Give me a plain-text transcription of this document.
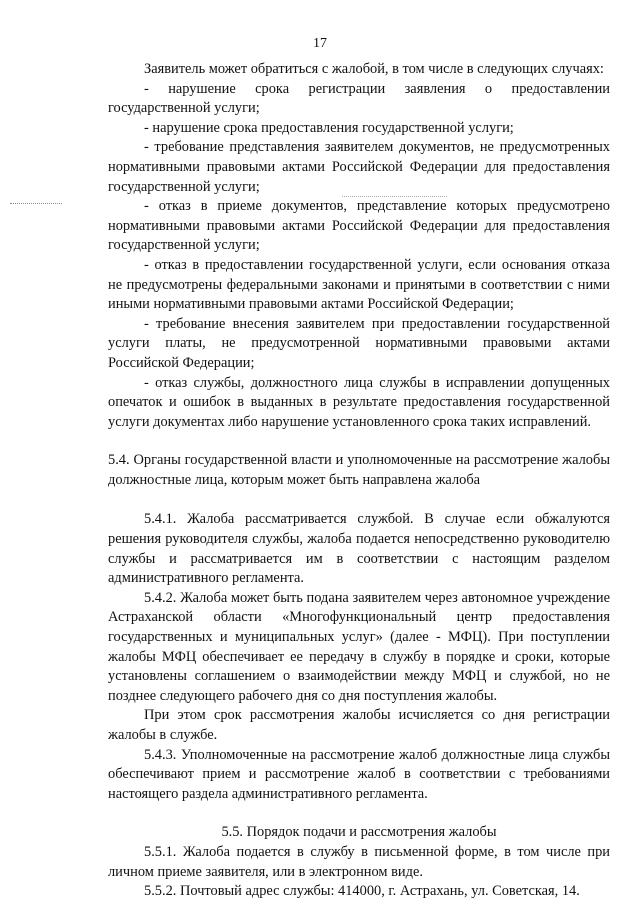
17

Заявитель может обратиться с жалобой, в том числе в следующих случаях:

- нарушение срока регистрации заявления о предоставлении государственной услуги;

- нарушение срока предоставления государственной услуги;

- требование представления заявителем документов, не предусмотренных нормативными правовыми актами Российской Федерации для предоставления государственной услуги;

- отказ в приеме документов, представление которых предусмотрено нормативными правовыми актами Российской Федерации для предоставления государственной услуги;

- отказ в предоставлении государственной услуги, если основания отказа не предусмотрены федеральными законами и принятыми в соответствии с ними иными нормативными правовыми актами Российской Федерации;

- требование внесения заявителем при предоставлении государственной услуги платы, не предусмотренной нормативными правовыми актами Российской Федерации;

- отказ службы, должностного лица службы в исправлении допущенных опечаток и ошибок в выданных в результате предоставления государственной услуги документах либо нарушение установленного срока таких исправлений.

5.4. Органы государственной власти и уполномоченные на рассмотрение жалобы должностные лица, которым может быть направлена жалоба

5.4.1. Жалоба рассматривается службой. В случае если обжалуются решения руководителя службы, жалоба подается непосредственно руководителю службы и рассматривается им в соответствии с настоящим разделом административного регламента.

5.4.2. Жалоба может быть подана заявителем через автономное учреждение Астраханской области «Многофункциональный центр предоставления государственных и муниципальных услуг» (далее - МФЦ). При поступлении жалобы МФЦ обеспечивает ее передачу в службу в порядке и сроки, которые установлены соглашением о взаимодействии между МФЦ и службой, но не позднее следующего рабочего дня со дня поступления жалобы.

При этом срок рассмотрения жалобы исчисляется со дня регистрации жалобы в службе.

5.4.3. Уполномоченные на рассмотрение жалоб должностные лица службы обеспечивают прием и рассмотрение жалоб в соответствии с требованиями настоящего раздела административного регламента.

5.5. Порядок подачи и рассмотрения жалобы

5.5.1. Жалоба подается в службу в письменной форме, в том числе при личном приеме заявителя, или в электронном виде.

5.5.2. Почтовый адрес службы: 414000, г. Астрахань, ул. Советская, 14.
